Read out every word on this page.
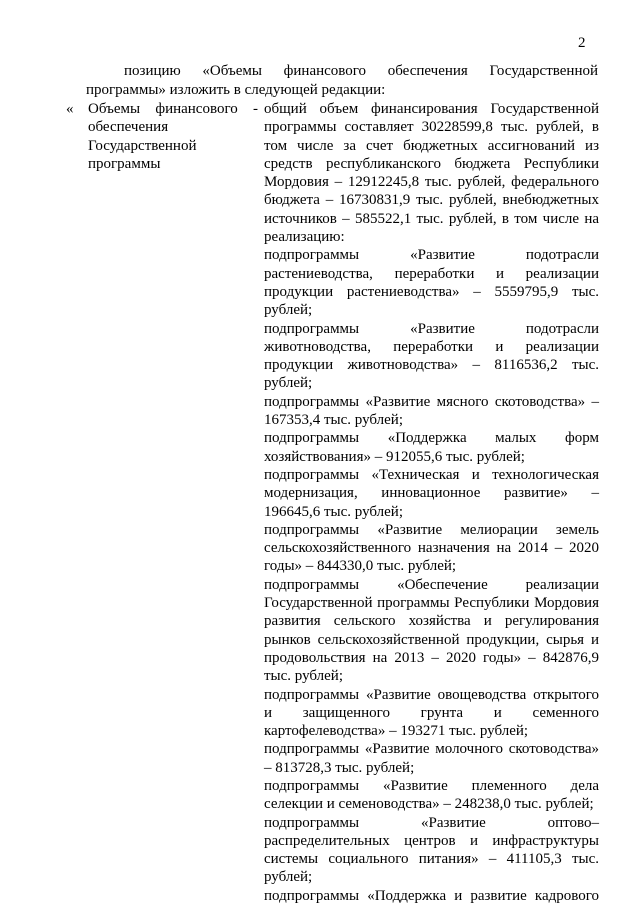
2
позицию «Объемы финансового обеспечения Государственной программы» изложить в следующей редакции:
« Объемы финансового - обеспечения Государственной программы

общий объем финансирования Государственной программы составляет 30228599,8 тыс. рублей, в том числе за счет бюджетных ассигнований из средств республиканского бюджета Республики Мордовия – 12912245,8 тыс. рублей, федерального бюджета – 16730831,9 тыс. рублей, внебюджетных источников – 585522,1 тыс. рублей, в том числе на реализацию:

подпрограммы «Развитие подотрасли растениеводства, переработки и реализации продукции растениеводства» – 5559795,9 тыс. рублей;

подпрограммы «Развитие подотрасли животноводства, переработки и реализации продукции животноводства» – 8116536,2 тыс. рублей;

подпрограммы «Развитие мясного скотоводства» – 167353,4 тыс. рублей;

подпрограммы «Поддержка малых форм хозяйствования» – 912055,6 тыс. рублей;

подпрограммы «Техническая и технологическая модернизация, инновационное развитие» – 196645,6 тыс. рублей;

подпрограммы «Развитие мелиорации земель сельскохозяйственного назначения на 2014 – 2020 годы» – 844330,0 тыс. рублей;

подпрограммы «Обеспечение реализации Государственной программы Республики Мордовия развития сельского хозяйства и регулирования рынков сельскохозяйственной продукции, сырья и продовольствия на 2013 – 2020 годы» – 842876,9 тыс. рублей;

подпрограммы «Развитие овощеводства открытого и защищенного грунта и семенного картофелеводства» – 193271 тыс. рублей;

подпрограммы «Развитие молочного скотоводства» – 813728,3 тыс. рублей;

подпрограммы «Развитие племенного дела селекции и семеноводства» – 248238,0 тыс. рублей;

подпрограммы «Развитие оптово– распределительных центров и инфраструктуры системы социального питания» – 411105,3 тыс. рублей;

подпрограммы «Поддержка и развитие кадрового
